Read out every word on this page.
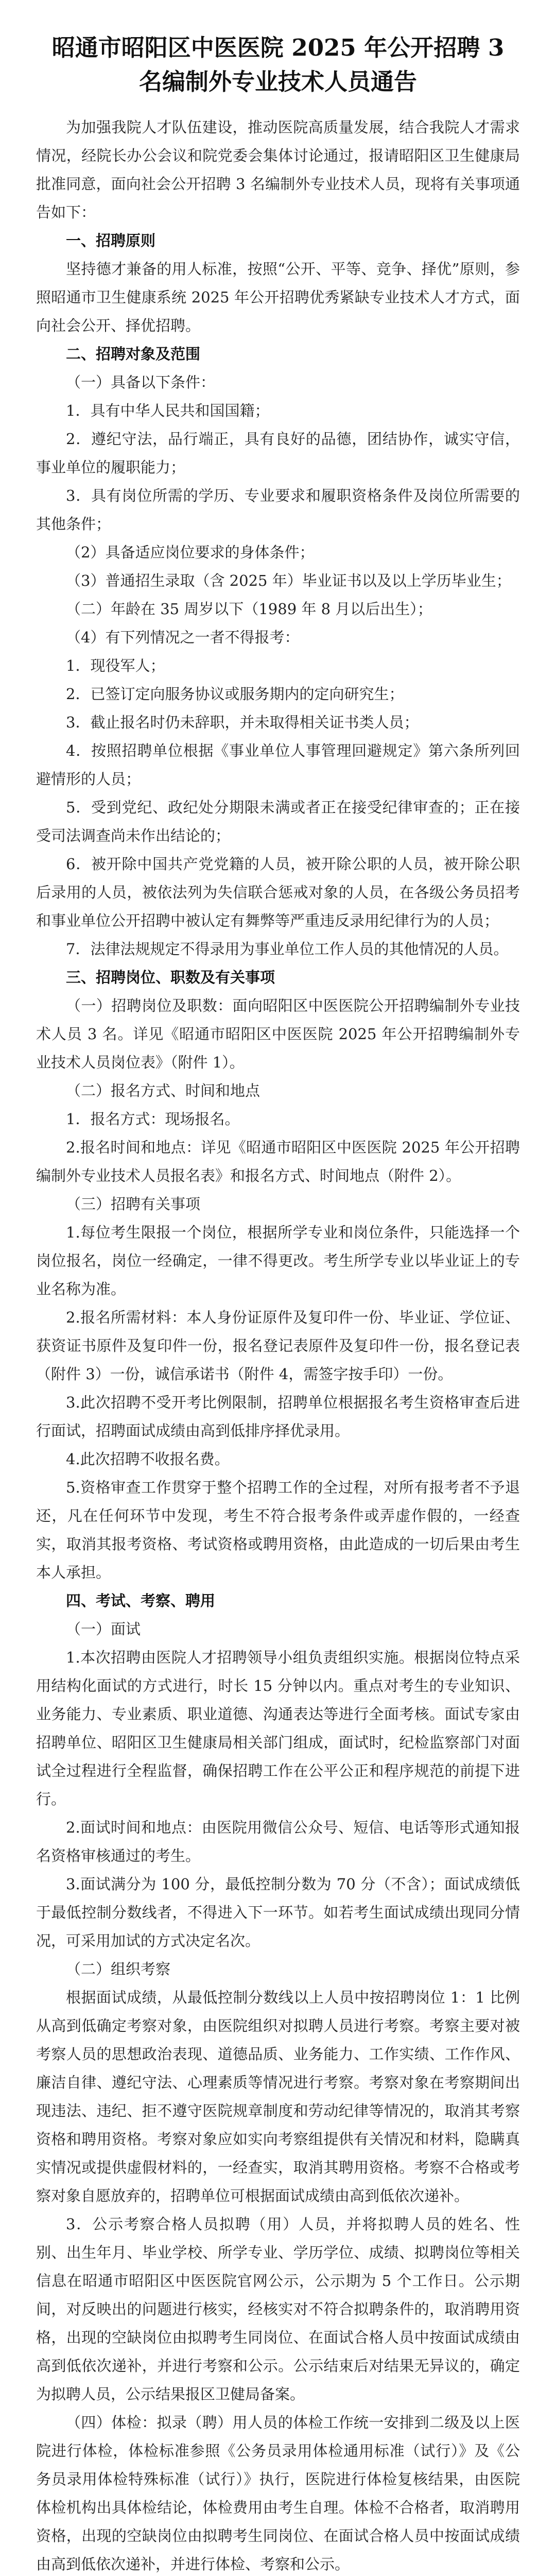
昭通市昭阳区中医医院 2025 年公开招聘 3 名编制外专业技术人员通告

为加强我院人才队伍建设，推动医院高质量发展，结合我院人才需求情况，经院长办公会议和院党委会集体讨论通过，报请昭阳区卫生健康局批准同意，面向社会公开招聘 3 名编制外专业技术人员，现将有关事项通告如下：

一、招聘原则

坚持德才兼备的用人标准，按照“公开、平等、竞争、择优”原则，参照昭通市卫生健康系统 2025 年公开招聘优秀紧缺专业技术人才方式，面向社会公开、择优招聘。

二、招聘对象及范围

（一）具备以下条件：

1．具有中华人民共和国国籍；

2．遵纪守法，品行端正，具有良好的品德，团结协作，诚实守信，事业单位的履职能力；

3．具有岗位所需的学历、专业要求和履职资格条件及岗位所需要的其他条件；

（2）具备适应岗位要求的身体条件；

（3）普通招生录取（含 2025 年）毕业证书以及以上学历毕业生；

（二）年龄在 35 周岁以下（1989 年 8 月以后出生）；

（4）有下列情况之一者不得报考：

1．现役军人；

2．已签订定向服务协议或服务期内的定向研究生；

3．截止报名时仍未辞职，并未取得相关证书类人员；

4．按照招聘单位根据《事业单位人事管理回避规定》第六条所列回避情形的人员；

5．受到党纪、政纪处分期限未满或者正在接受纪律审查的；正在接受司法调查尚未作出结论的；

6．被开除中国共产党党籍的人员，被开除公职的人员，被开除公职后录用的人员，被依法列为失信联合惩戒对象的人员，在各级公务员招考和事业单位公开招聘中被认定有舞弊等严重违反录用纪律行为的人员；

7．法律法规规定不得录用为事业单位工作人员的其他情况的人员。

三、招聘岗位、职数及有关事项

（一）招聘岗位及职数：面向昭阳区中医医院公开招聘编制外专业技术人员 3 名。详见《昭通市昭阳区中医医院 2025 年公开招聘编制外专业技术人员岗位表》（附件 1）。

（二）报名方式、时间和地点

1．报名方式：现场报名。

2.报名时间和地点：详见《昭通市昭阳区中医医院 2025 年公开招聘编制外专业技术人员报名表》和报名方式、时间地点（附件 2）。

（三）招聘有关事项

1.每位考生限报一个岗位，根据所学专业和岗位条件，只能选择一个岗位报名，岗位一经确定，一律不得更改。考生所学专业以毕业证上的专业名称为准。

2.报名所需材料：本人身份证原件及复印件一份、毕业证、学位证、获资证书原件及复印件一份，报名登记表原件及复印件一份，报名登记表（附件 3）一份，诚信承诺书（附件 4，需签字按手印）一份。

3.此次招聘不受开考比例限制，招聘单位根据报名考生资格审查后进行面试，招聘面试成绩由高到低排序择优录用。

4.此次招聘不收报名费。

5.资格审查工作贯穿于整个招聘工作的全过程，对所有报考者不予退还，凡在任何环节中发现，考生不符合报考条件或弄虚作假的，一经查实，取消其报考资格、考试资格或聘用资格，由此造成的一切后果由考生本人承担。

四、考试、考察、聘用

（一）面试

1.本次招聘由医院人才招聘领导小组负责组织实施。根据岗位特点采用结构化面试的方式进行，时长 15 分钟以内。重点对考生的专业知识、业务能力、专业素质、职业道德、沟通表达等进行全面考核。面试专家由招聘单位、昭阳区卫生健康局相关部门组成，面试时，纪检监察部门对面试全过程进行全程监督，确保招聘工作在公平公正和程序规范的前提下进行。

2.面试时间和地点：由医院用微信公众号、短信、电话等形式通知报名资格审核通过的考生。

3.面试满分为 100 分，最低控制分数为 70 分（不含）；面试成绩低于最低控制分数线者，不得进入下一环节。如若考生面试成绩出现同分情况，可采用加试的方式决定名次。

（二）组织考察

根据面试成绩，从最低控制分数线以上人员中按招聘岗位 1：1 比例从高到低确定考察对象，由医院组织对拟聘人员进行考察。考察主要对被考察人员的思想政治表现、道德品质、业务能力、工作实绩、工作作风、廉洁自律、遵纪守法、心理素质等情况进行考察。考察对象在考察期间出现违法、违纪、拒不遵守医院规章制度和劳动纪律等情况的，取消其考察资格和聘用资格。考察对象应如实向考察组提供有关情况和材料，隐瞒真实情况或提供虚假材料的，一经查实，取消其聘用资格。考察不合格或考察对象自愿放弃的，招聘单位可根据面试成绩由高到低依次递补。

3．公示考察合格人员拟聘（用）人员，并将拟聘人员的姓名、性别、出生年月、毕业学校、所学专业、学历学位、成绩、拟聘岗位等相关信息在昭通市昭阳区中医医院官网公示，公示期为 5 个工作日。公示期间，对反映出的问题进行核实，经核实对不符合拟聘条件的，取消聘用资格，出现的空缺岗位由拟聘考生同岗位、在面试合格人员中按面试成绩由高到低依次递补，并进行考察和公示。公示结束后对结果无异议的，确定为拟聘人员，公示结果报区卫健局备案。

（四）体检：拟录（聘）用人员的体检工作统一安排到二级及以上医院进行体检，体检标准参照《公务员录用体检通用标准（试行）》及《公务员录用体检特殊标准（试行）》执行，医院进行体检复核结果，由医院体检机构出具体检结论，体检费用由考生自理。体检不合格者，取消聘用资格，出现的空缺岗位由拟聘考生同岗位、在面试合格人员中按面试成绩由高到低依次递补，并进行体检、考察和公示。
